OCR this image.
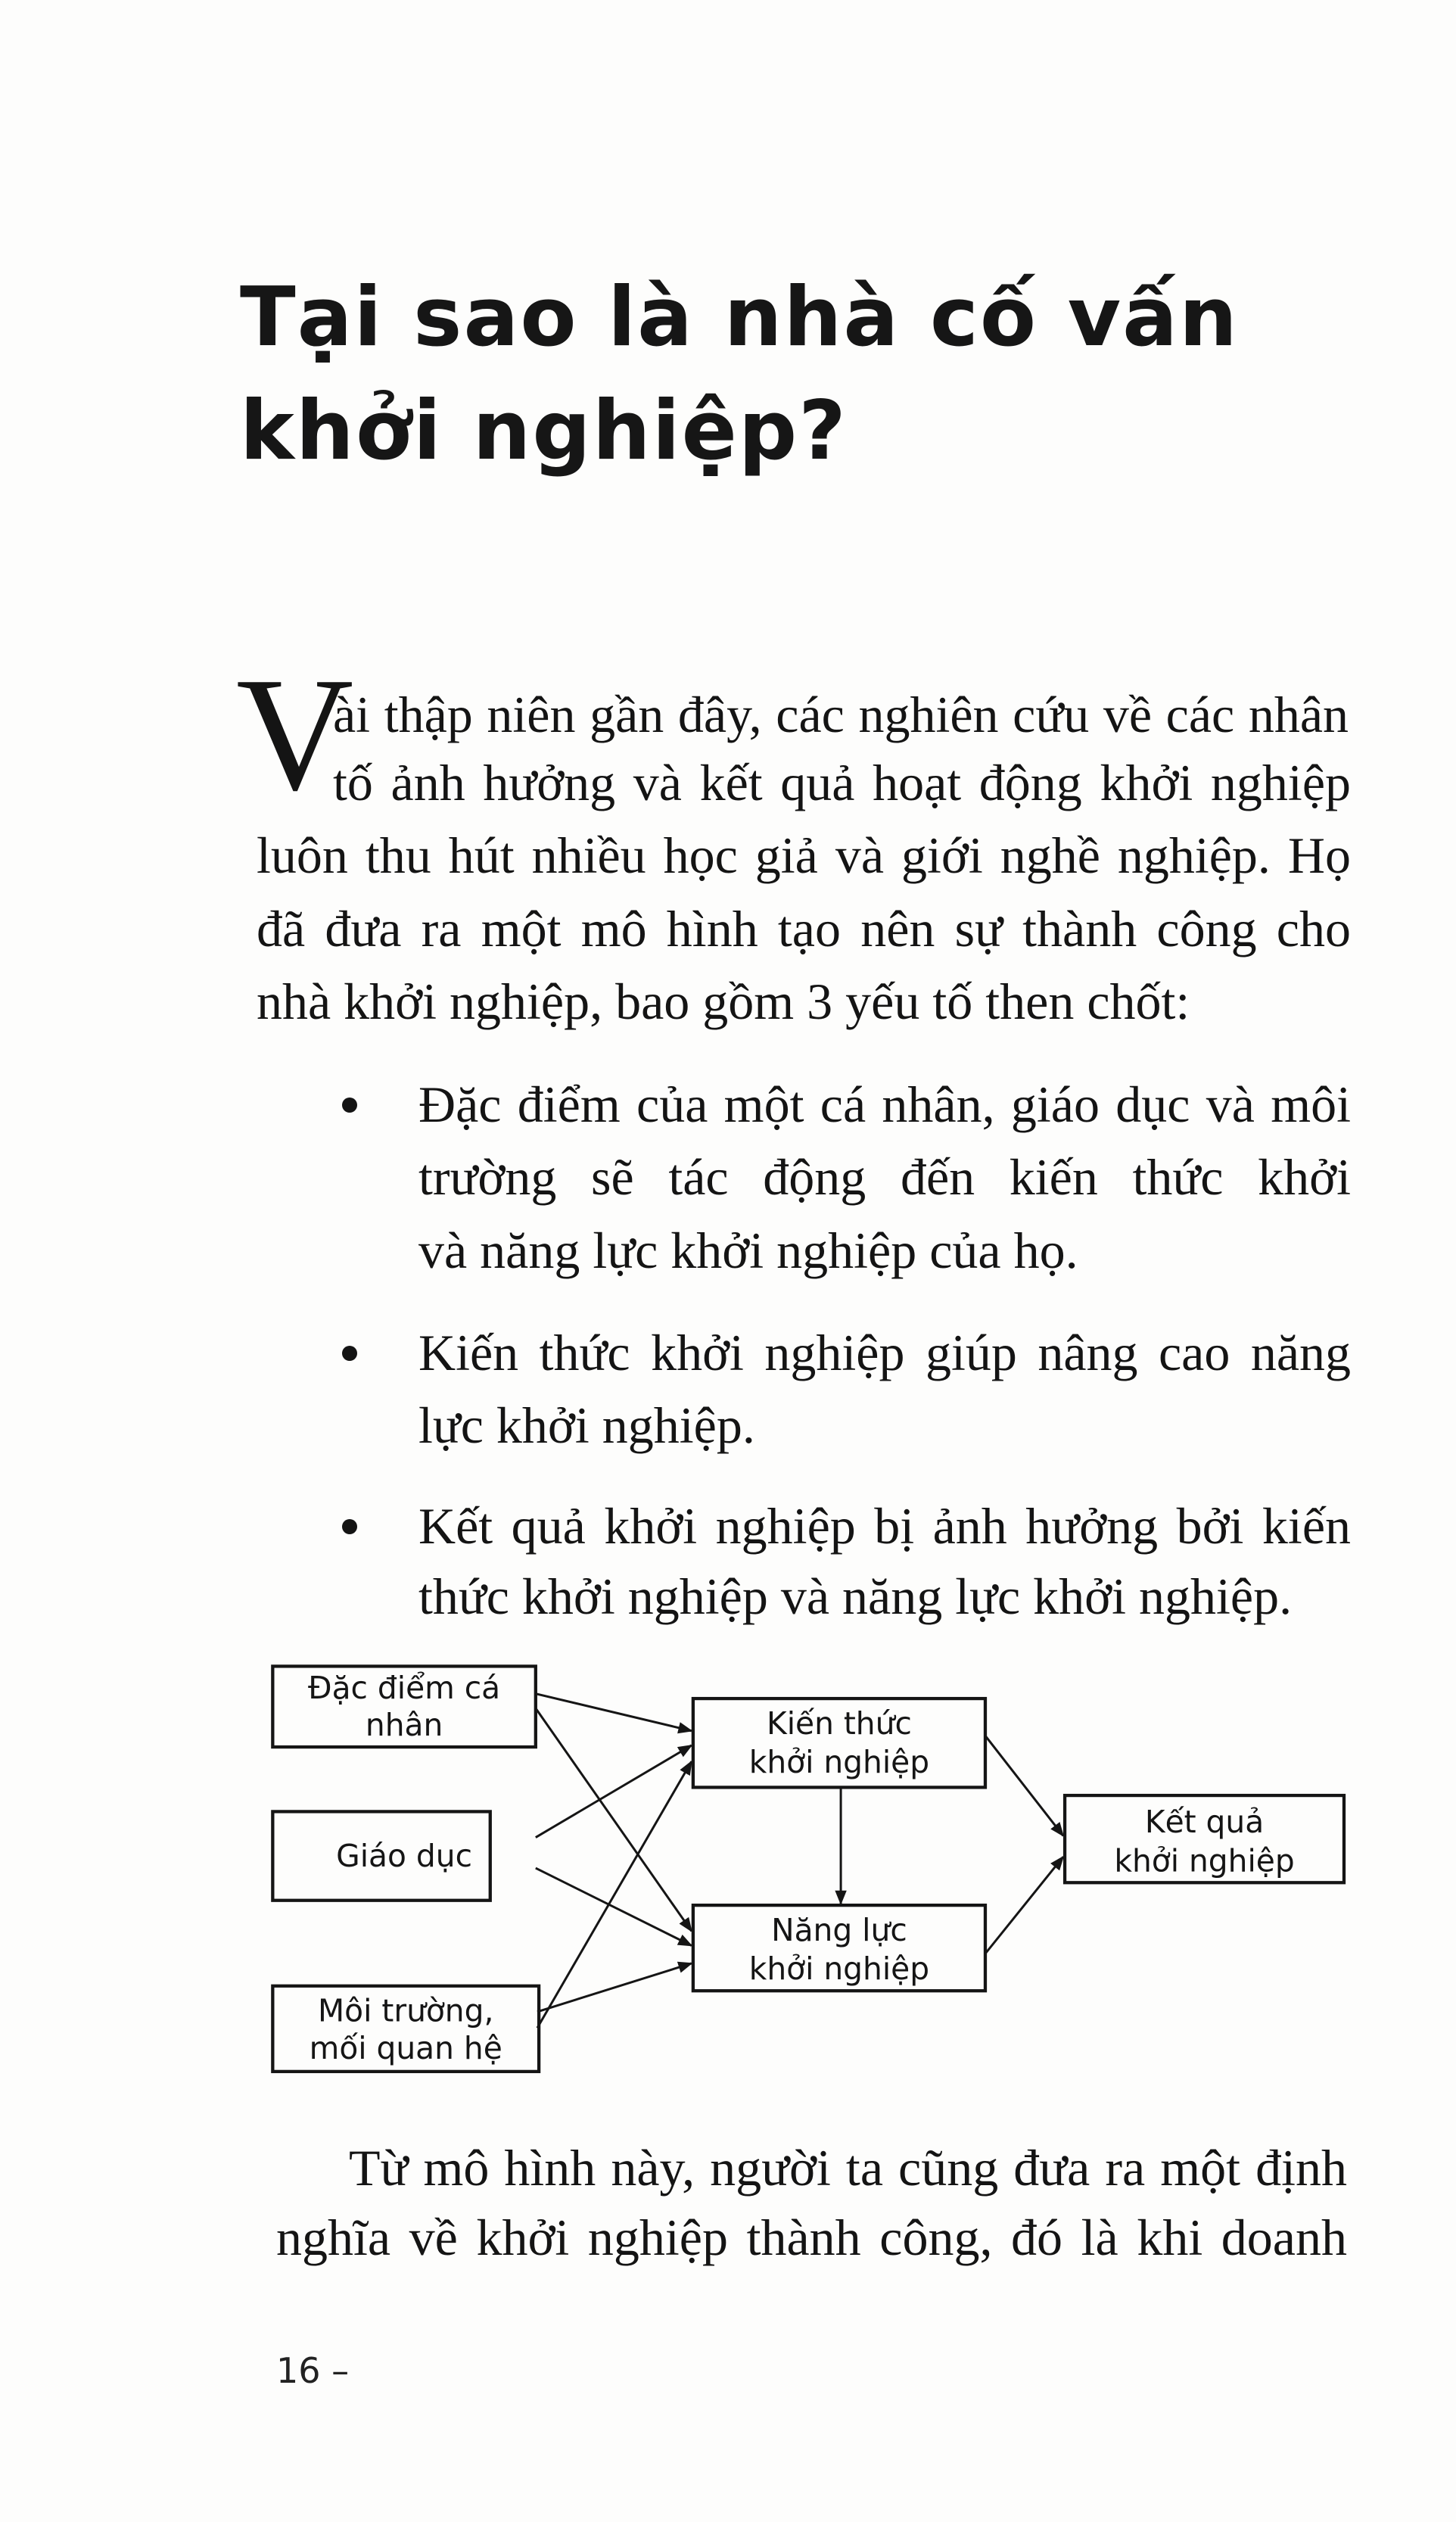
Tại sao là nhà cố vấn
khởi nghiệp?
V
ài thập niên gần đây, các nghiên cứu về các nhân
tố ảnh hưởng và kết quả hoạt động khởi nghiệp
luôn thu hút nhiều học giả và giới nghề nghiệp. Họ
đã đưa ra một mô hình tạo nên sự thành công cho
nhà khởi nghiệp, bao gồm 3 yếu tố then chốt:
Đặc điểm của một cá nhân, giáo dục và môi
trường sẽ tác động đến kiến thức khởi
và năng lực khởi nghiệp của họ.
Kiến thức khởi nghiệp giúp nâng cao năng
lực khởi nghiệp.
Kết quả khởi nghiệp bị ảnh hưởng bởi kiến
thức khởi nghiệp và năng lực khởi nghiệp.
Đặc điểm cá
nhân
Giáo dục
Môi trường,
mối quan hệ
Kiến thức
khởi nghiệp
Năng lực
khởi nghiệp
Kết quả
khởi nghiệp
Từ mô hình này, người ta cũng đưa ra một định
nghĩa về khởi nghiệp thành công, đó là khi doanh
16 –
